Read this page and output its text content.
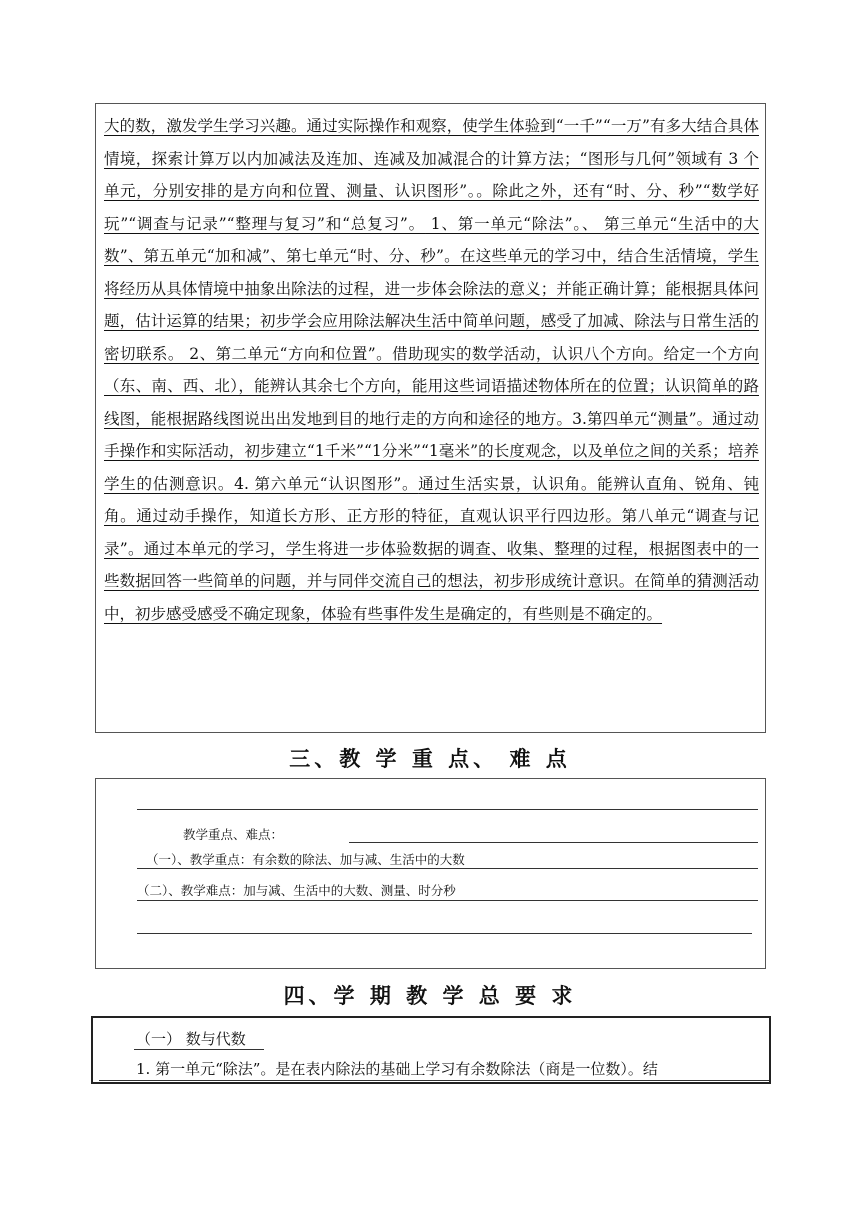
大的数，激发学生学习兴趣。通过实际操作和观察，使学生体验到“一千”“一万”有多大结合具体情境，探索计算万以内加减法及连加、连减及加减混合的计算方法；“图形与几何”领域有 3 个单元，分别安排的是方向和位置、测量、认识图形”。。除此之外，还有“时、分、秒”“数学好玩”“调查与记录”“整理与复习”和“总复习”。 1、第一单元“除法”。、 第三单元“生活中的大数”、第五单元“加和减”、第七单元“时、分、秒”。在这些单元的学习中，结合生活情境，学生将经历从具体情境中抽象出除法的过程，进一步体会除法的意义；并能正确计算；能根据具体问题，估计运算的结果；初步学会应用除法解决生活中简单问题，感受了加减、除法与日常生活的密切联系。 2、第二单元“方向和位置”。借助现实的数学活动，认识八个方向。给定一个方向（东、南、西、北），能辨认其余七个方向，能用这些词语描述物体所在的位置；认识简单的路线图，能根据路线图说出出发地到目的地行走的方向和途径的地方。3.第四单元“测量”。通过动手操作和实际活动，初步建立“1千米”“1分米”“1毫米”的长度观念，以及单位之间的关系；培养学生的估测意识。4. 第六单元“认识图形”。通过生活实景，认识角。能辨认直角、锐角、钝角。通过动手操作，知道长方形、正方形的特征，直观认识平行四边形。第八单元“调查与记录”。通过本单元的学习，学生将进一步体验数据的调查、收集、整理的过程，根据图表中的一些数据回答一些简单的问题，并与同伴交流自己的想法，初步形成统计意识。在简单的猜测活动中，初步感受感受不确定现象，体验有些事件发生是确定的，有些则是不确定的。

三、教 学 重 点、 难 点

教学重点、难点：

（一）、教学重点：有余数的除法、加与减、生活中的大数

（二）、教学难点：加与减、生活中的大数、测量、时分秒

四、学 期 教 学 总 要 求

（一） 数与代数

1. 第一单元“除法”。是在表内除法的基础上学习有余数除法（商是一位数）。结
